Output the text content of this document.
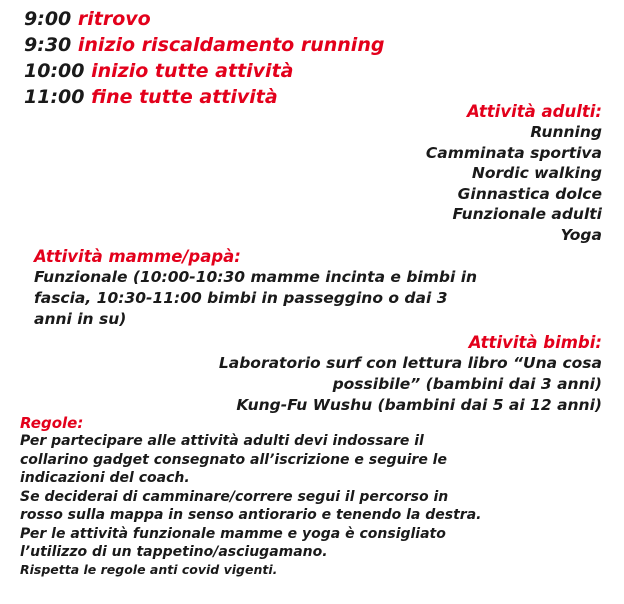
9:00 ritrovo
9:30 inizio riscaldamento running
10:00 inizio tutte attività
11:00 fine tutte attività
Attività adulti:
Running
Camminata sportiva
Nordic walking
Ginnastica dolce
Funzionale adulti
Yoga
Attività mamme/papà:
Funzionale (10:00-10:30 mamme incinta e bimbi in
fascia, 10:30-11:00 bimbi in passeggino o dai 3
anni in su)
Attività bimbi:
Laboratorio surf con lettura libro “Una cosa
possibile” (bambini dai 3 anni)
Kung-Fu Wushu (bambini dai 5 ai 12 anni)
Regole:
Per partecipare alle attività adulti devi indossare il
collarino gadget consegnato all’iscrizione e seguire le
indicazioni del coach.
Se deciderai di camminare/correre segui il percorso in
rosso sulla mappa in senso antiorario e tenendo la destra.
Per le attività funzionale mamme e yoga è consigliato
l’utilizzo di un tappetino/asciugamano.
Rispetta le regole anti covid vigenti.
